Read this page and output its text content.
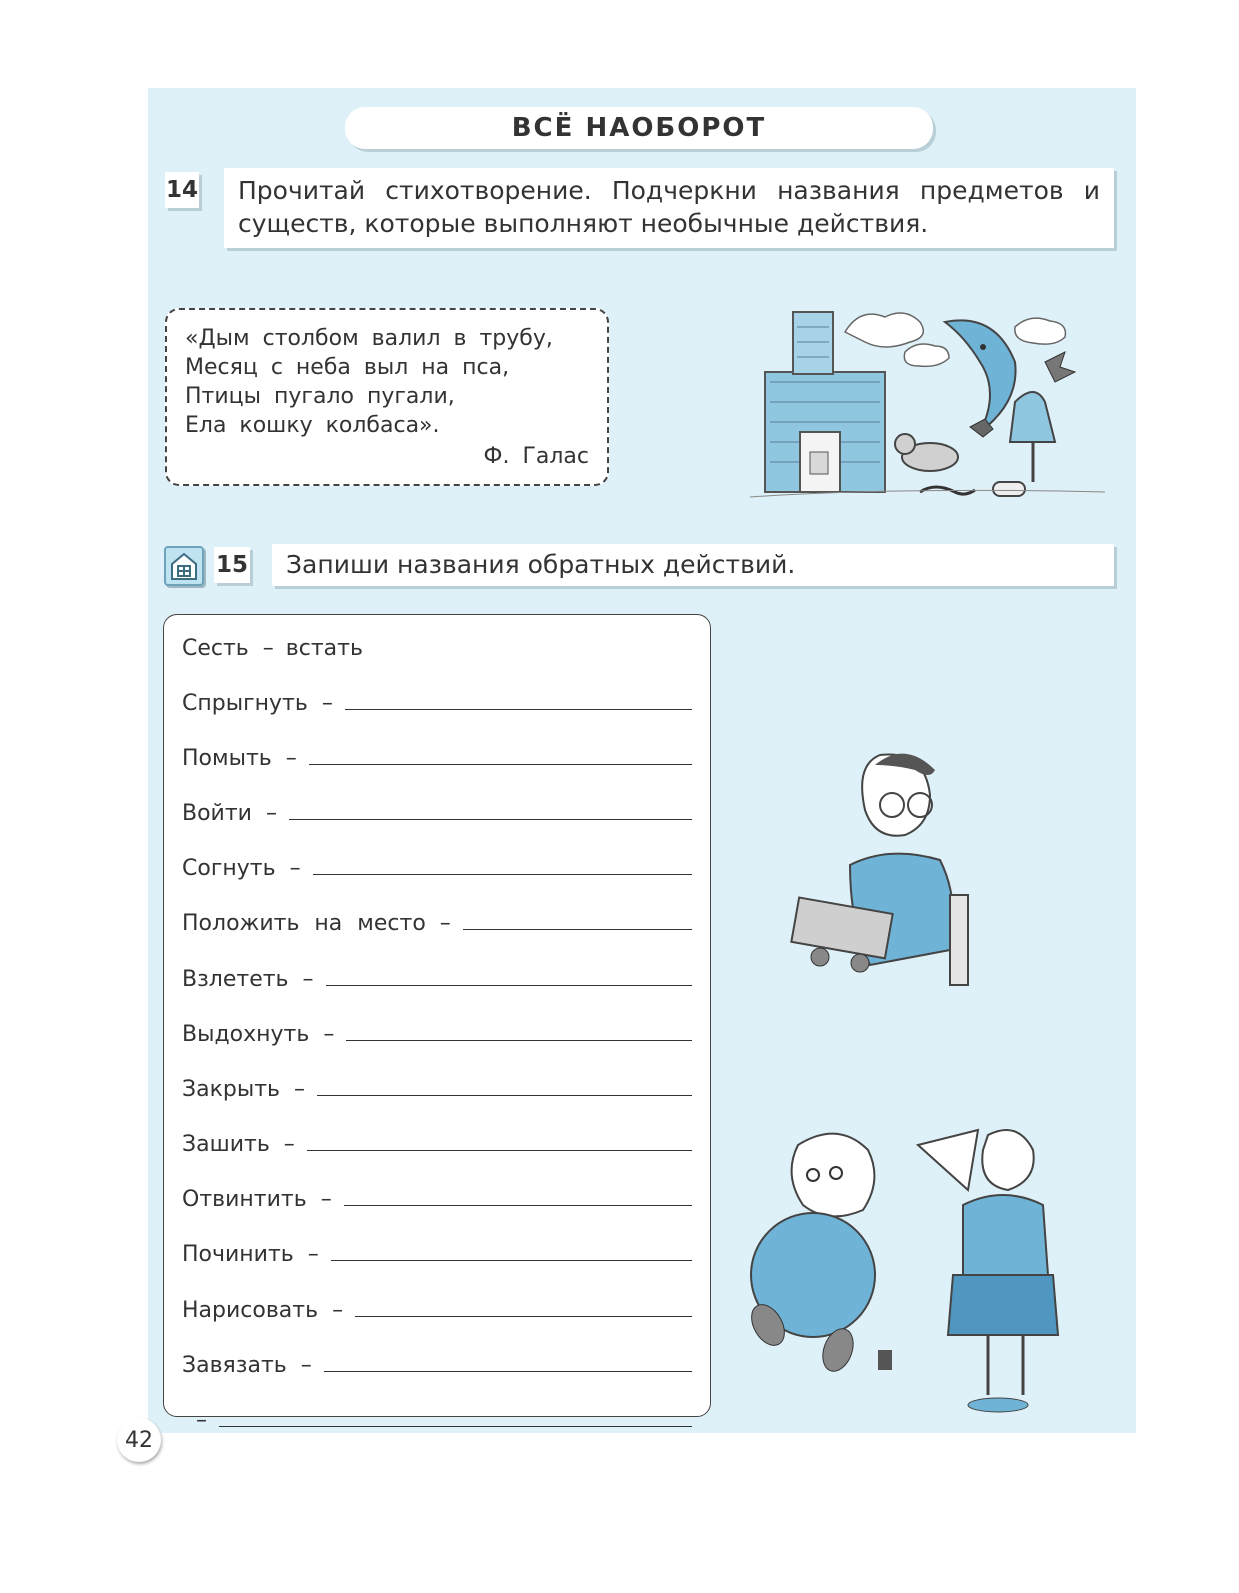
ВСЁ НАОБОРОТ
14	Прочитай стихотворение. Подчеркни названия предметов и существ, которые выполняют необычные действия.
«Дым столбом валил в трубу,
Месяц с неба выл на пса,
Птицы пугало пугали,
Ела кошку колбаса».
Ф. Галас
15	Запиши названия обратных действий.
Сесть – встать
Спрыгнуть –
Помыть –
Войти –
Согнуть –
Положить на место –
Взлететь –
Выдохнуть –
Закрыть –
Зашить –
Отвинтить –
Починить –
Нарисовать –
Завязать –
–
42
